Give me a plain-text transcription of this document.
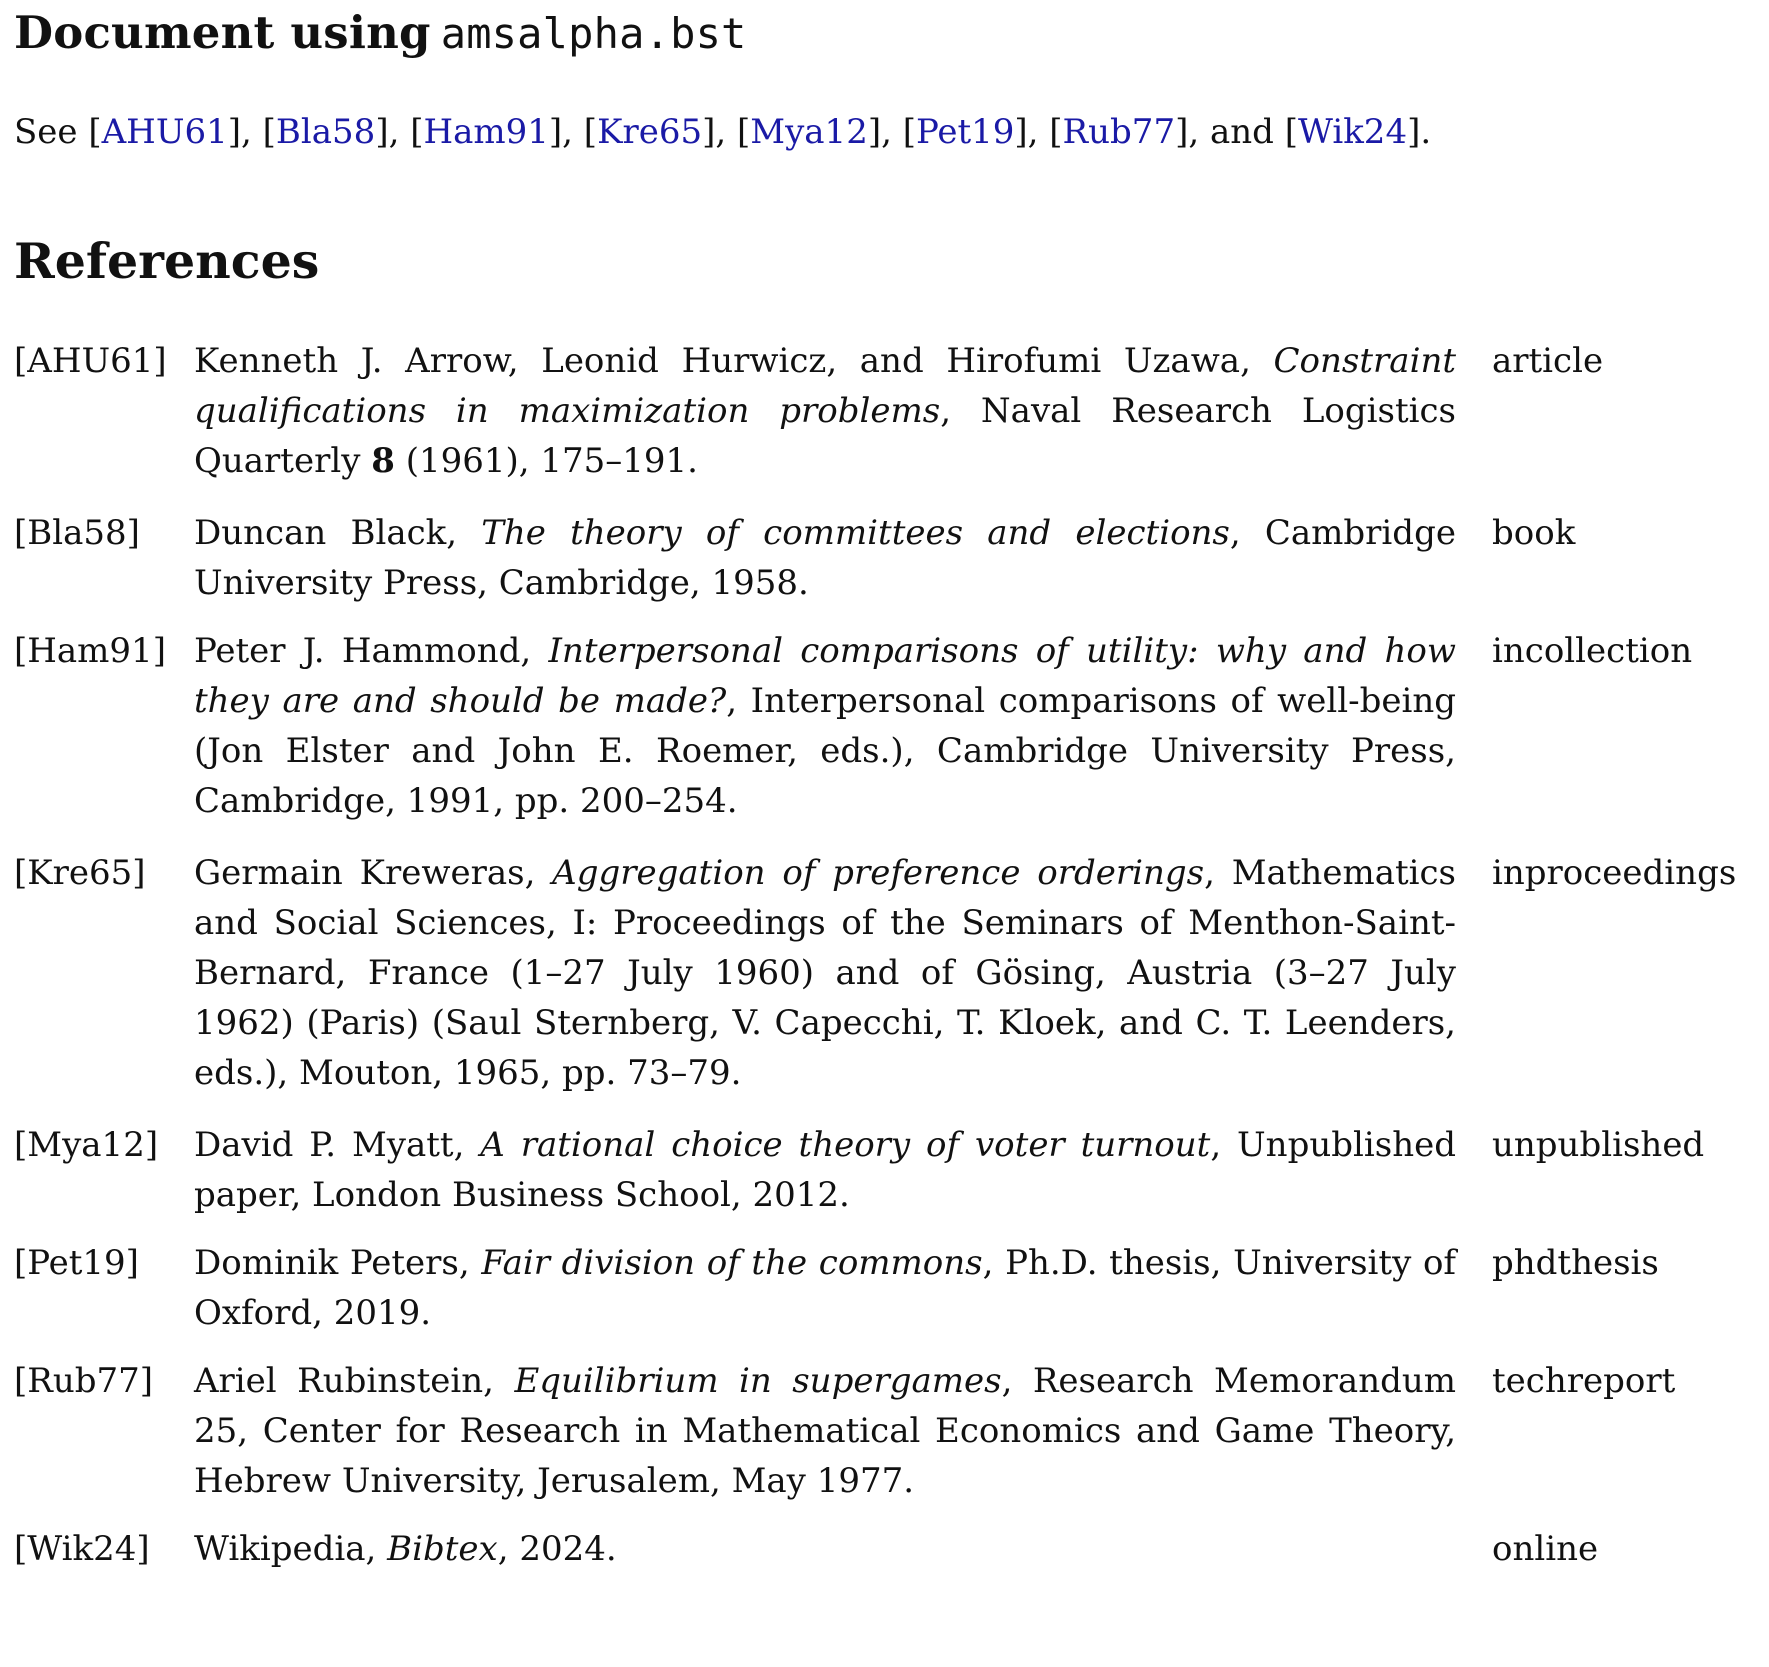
Document using amsalpha.bst
See [AHU61], [Bla58], [Ham91], [Kre65], [Mya12], [Pet19], [Rub77], and [Wik24].
References
[AHU61] Kenneth J. Arrow, Leonid Hurwicz, and Hirofumi Uzawa, Constraint qualifications in maximization problems, Naval Research Logistics Quarterly 8 (1961), 175–191.
article
[Bla58] Duncan Black, The theory of committees and elections, Cambridge University Press, Cambridge, 1958.
book
[Ham91] Peter J. Hammond, Interpersonal comparisons of utility: why and how they are and should be made?, Interpersonal comparisons of well-being (Jon Elster and John E. Roemer, eds.), Cambridge University Press, Cambridge, 1991, pp. 200–254.
incollection
[Kre65] Germain Kreweras, Aggregation of preference orderings, Mathematics and Social Sciences, I: Proceedings of the Seminars of Menthon-Saint-Bernard, France (1–27 July 1960) and of Gösing, Austria (3–27 July 1962) (Paris) (Saul Sternberg, V. Capecchi, T. Kloek, and C. T. Leenders, eds.), Mouton, 1965, pp. 73–79.
inproceedings
[Mya12] David P. Myatt, A rational choice theory of voter turnout, Unpublished paper, London Business School, 2012.
unpublished
[Pet19] Dominik Peters, Fair division of the commons, Ph.D. thesis, University of Oxford, 2019.
phdthesis
[Rub77] Ariel Rubinstein, Equilibrium in supergames, Research Memorandum 25, Center for Research in Mathematical Economics and Game Theory, Hebrew University, Jerusalem, May 1977.
techreport
[Wik24] Wikipedia, Bibtex, 2024.	online
